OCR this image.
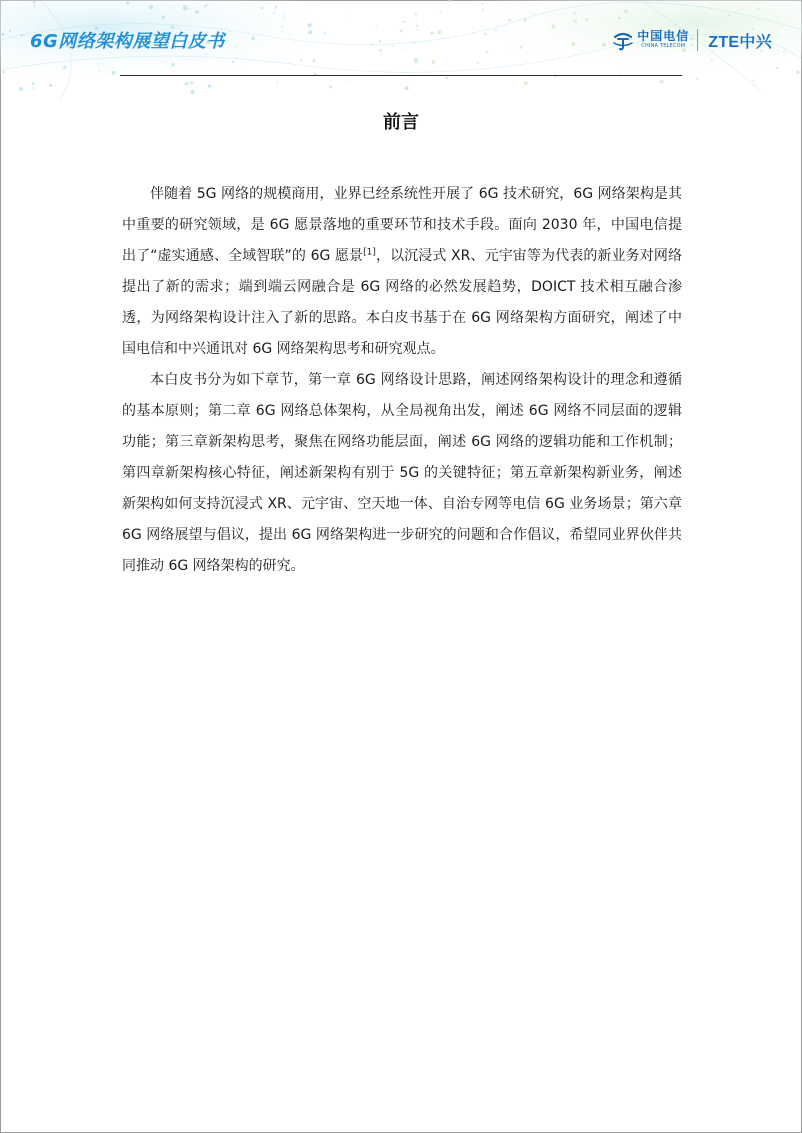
6G网络架构展望白皮书	中国电信
CHINA TELECOM ZTE中兴
前言

伴随着 5G 网络的规模商用，业界已经系统性开展了 6G 技术研究，6G 网络架构是其中重要的研究领域，是 6G 愿景落地的重要环节和技术手段。面向 2030 年，中国电信提出了“虚实通感、全域智联”的 6G 愿景[1]，以沉浸式 XR、元宇宙等为代表的新业务对网络提出了新的需求；端到端云网融合是 6G 网络的必然发展趋势，DOICT 技术相互融合渗透，为网络架构设计注入了新的思路。本白皮书基于在 6G 网络架构方面研究，阐述了中国电信和中兴通讯对 6G 网络架构思考和研究观点。

本白皮书分为如下章节，第一章 6G 网络设计思路，阐述网络架构设计的理念和遵循的基本原则；第二章 6G 网络总体架构，从全局视角出发，阐述 6G 网络不同层面的逻辑功能；第三章新架构思考，聚焦在网络功能层面，阐述 6G 网络的逻辑功能和工作机制；第四章新架构核心特征，阐述新架构有别于 5G 的关键特征；第五章新架构新业务，阐述新架构如何支持沉浸式 XR、元宇宙、空天地一体、自治专网等电信 6G 业务场景；第六章 6G 网络展望与倡议，提出 6G 网络架构进一步研究的问题和合作倡议，希望同业界伙伴共同推动 6G 网络架构的研究。
